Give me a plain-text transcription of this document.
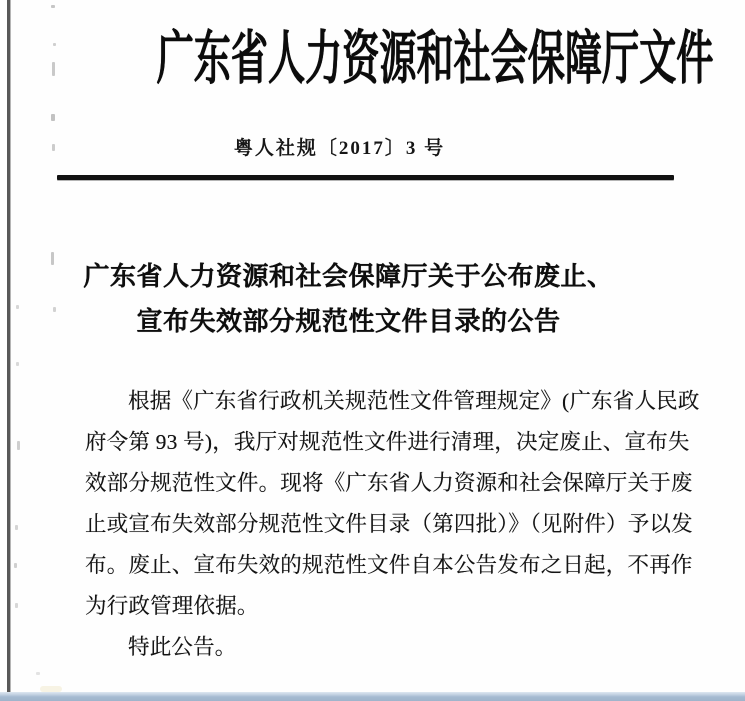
广东省人力资源和社会保障厅文件
粤人社规〔2017〕3 号
广东省人力资源和社会保障厅关于公布废止、
宣布失效部分规范性文件目录的公告
根据《广东省行政机关规范性文件管理规定》(广东省人民政
府令第 93 号)，我厅对规范性文件进行清理，决定废止、宣布失
效部分规范性文件。现将《广东省人力资源和社会保障厅关于废
止或宣布失效部分规范性文件目录（第四批）》（见附件）予以发
布。废止、宣布失效的规范性文件自本公告发布之日起，不再作
为行政管理依据。
特此公告。
